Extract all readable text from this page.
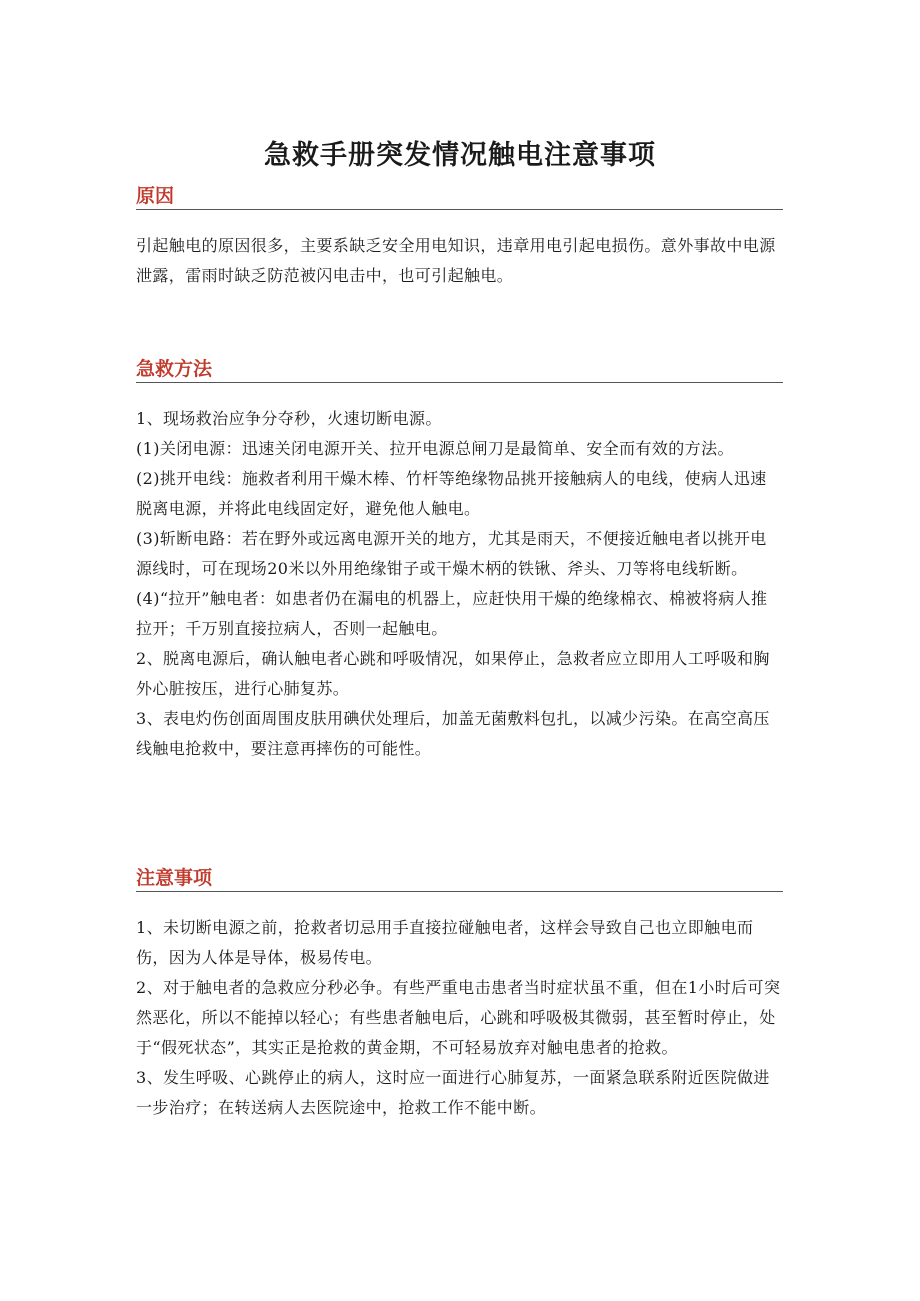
急救手册突发情况触电注意事项
原因

引起触电的原因很多，主要系缺乏安全用电知识，违章用电引起电损伤。意外事故中电源泄露，雷雨时缺乏防范被闪电击中，也可引起触电。

急救方法

1、现场救治应争分夺秒，火速切断电源。

(1)关闭电源：迅速关闭电源开关、拉开电源总闸刀是最简单、安全而有效的方法。

(2)挑开电线：施救者利用干燥木棒、竹杆等绝缘物品挑开接触病人的电线，使病人迅速脱离电源，并将此电线固定好，避免他人触电。

(3)斩断电路：若在野外或远离电源开关的地方，尤其是雨天，不便接近触电者以挑开电源线时，可在现场20米以外用绝缘钳子或干燥木柄的铁锹、斧头、刀等将电线斩断。

(4)“拉开”触电者：如患者仍在漏电的机器上，应赶快用干燥的绝缘棉衣、棉被将病人推拉开；千万别直接拉病人，否则一起触电。

2、脱离电源后，确认触电者心跳和呼吸情况，如果停止，急救者应立即用人工呼吸和胸外心脏按压，进行心肺复苏。

3、表电灼伤创面周围皮肤用碘伏处理后，加盖无菌敷料包扎，以减少污染。在高空高压线触电抢救中，要注意再摔伤的可能性。

注意事项

1、未切断电源之前，抢救者切忌用手直接拉碰触电者，这样会导致自己也立即触电而伤，因为人体是导体，极易传电。

2、对于触电者的急救应分秒必争。有些严重电击患者当时症状虽不重，但在1小时后可突然恶化，所以不能掉以轻心；有些患者触电后，心跳和呼吸极其微弱，甚至暂时停止，处于“假死状态”，其实正是抢救的黄金期，不可轻易放弃对触电患者的抢救。

3、发生呼吸、心跳停止的病人，这时应一面进行心肺复苏，一面紧急联系附近医院做进一步治疗；在转送病人去医院途中，抢救工作不能中断。
